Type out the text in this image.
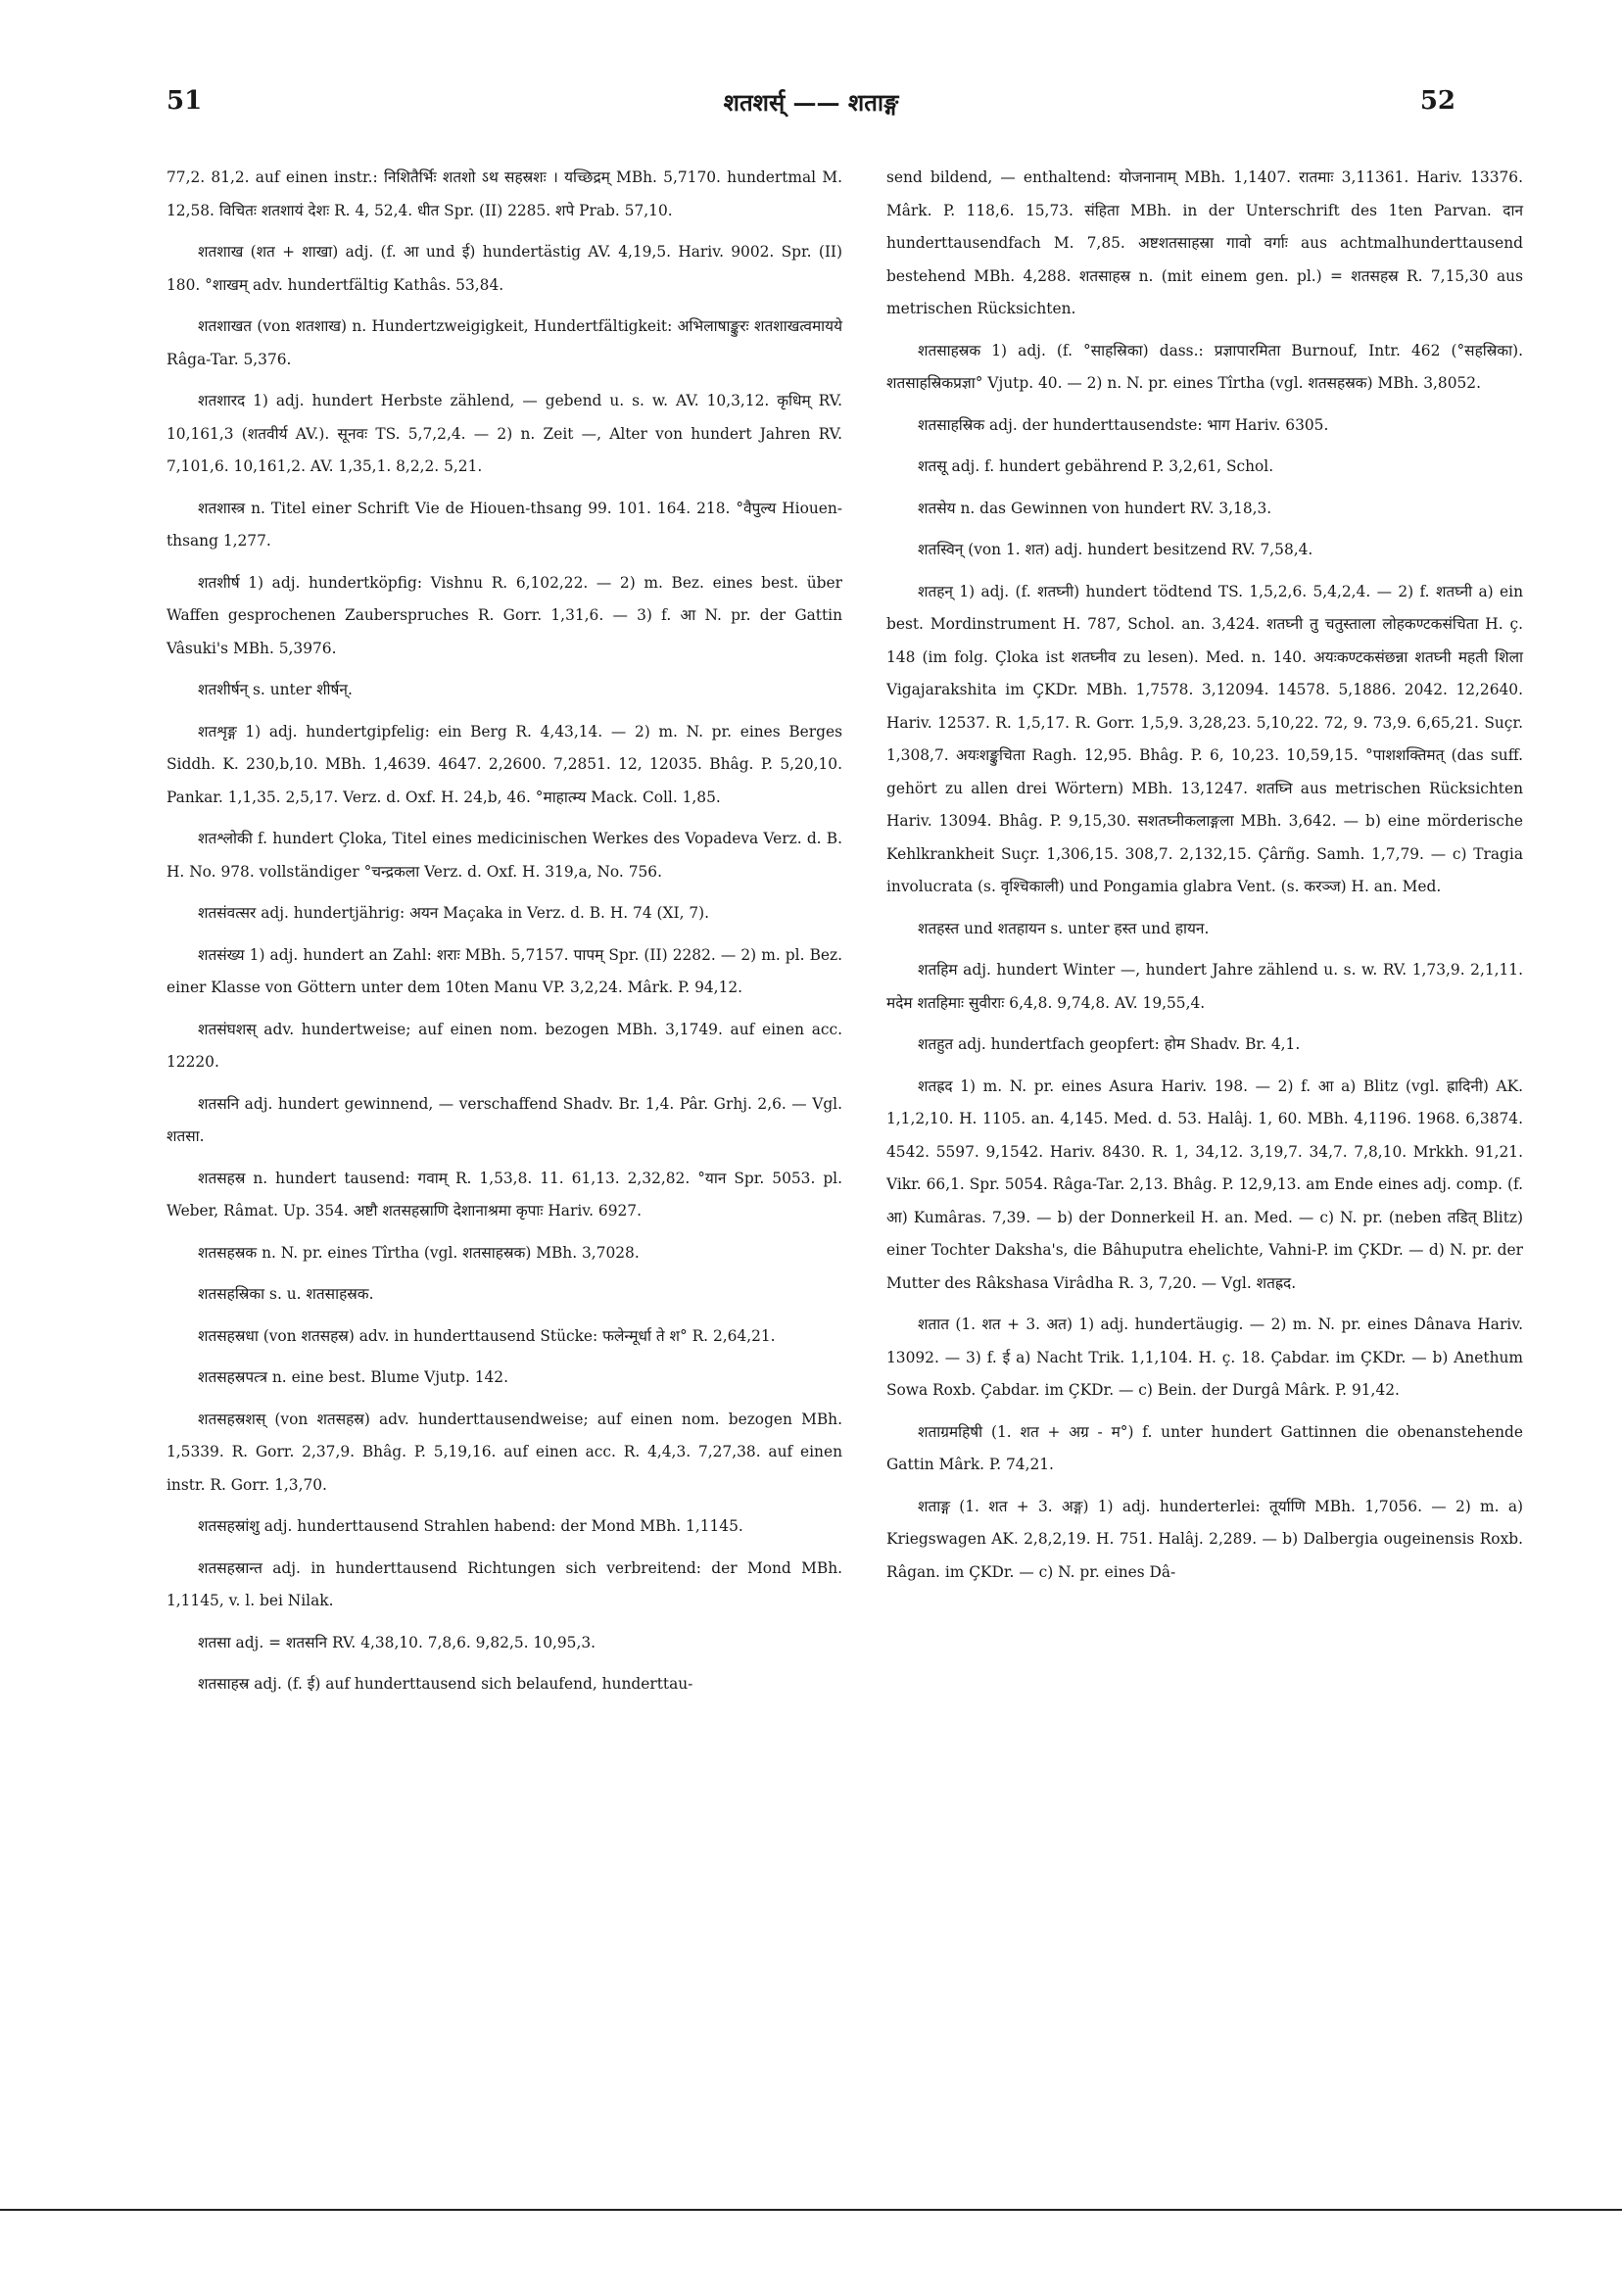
51	शतशर्स् —— शताङ्ग	52

77,2. 81,2. auf einen instr.: निशितैर्भिः शतशो ऽथ सहस्रशः । यच्छिद्रम् MBh. 5,7170. hundertmal M. 12,58. विचितः शतशायं देशः R. 4, 52,4. धीत Spr. (II) 2285. शपे Prab. 57,10.

शतशाख (शत + शाखा) adj. (f. आ und ई) hundertästig AV. 4,19,5. Hariv. 9002. Spr. (II) 180. °शाखम् adv. hundertfältig Kathâs. 53,84.

शतशाखत (von शतशाख) n. Hundertzweigigkeit, Hundertfältigkeit: अभिलाषाङ्कुरः शतशाखत्वमायये Râga-Tar. 5,376.

शतशारद 1) adj. hundert Herbste zählend, — gebend u. s. w. AV. 10,3,12. कृधिम् RV. 10,161,3 (शतवीर्य AV.). सूनवः TS. 5,7,2,4. — 2) n. Zeit —, Alter von hundert Jahren RV. 7,101,6. 10,161,2. AV. 1,35,1. 8,2,2. 5,21.

शतशास्त्र n. Titel einer Schrift Vie de Hiouen-thsang 99. 101. 164. 218. °वैपुल्य Hiouen-thsang 1,277.

शतशीर्ष 1) adj. hundertköpfig: Vishnu R. 6,102,22. — 2) m. Bez. eines best. über Waffen gesprochenen Zauberspruches R. Gorr. 1,31,6. — 3) f. आ N. pr. der Gattin Vâsuki's MBh. 5,3976.

शतशीर्षन् s. unter शीर्षन्.

शतशृङ्ग 1) adj. hundertgipfelig: ein Berg R. 4,43,14. — 2) m. N. pr. eines Berges Siddh. K. 230,b,10. MBh. 1,4639. 4647. 2,2600. 7,2851. 12, 12035. Bhâg. P. 5,20,10. Pankar. 1,1,35. 2,5,17. Verz. d. Oxf. H. 24,b, 46. °माहात्म्य Mack. Coll. 1,85.

शतश्लोकी f. hundert Çloka, Titel eines medicinischen Werkes des Vopadeva Verz. d. B. H. No. 978. vollständiger °चन्द्रकला Verz. d. Oxf. H. 319,a, No. 756.

शतसंवत्सर adj. hundertjährig: अयन Maçaka in Verz. d. B. H. 74 (XI, 7).

शतसंख्य 1) adj. hundert an Zahl: शराः MBh. 5,7157. पापम् Spr. (II) 2282. — 2) m. pl. Bez. einer Klasse von Göttern unter dem 10ten Manu VP. 3,2,24. Mârk. P. 94,12.

शतसंघशस् adv. hundertweise; auf einen nom. bezogen MBh. 3,1749. auf einen acc. 12220.

शतसनि adj. hundert gewinnend, — verschaffend Shadv. Br. 1,4. Pâr. Grhj. 2,6. — Vgl. शतसा.

शतसहस्र n. hundert tausend: गवाम् R. 1,53,8. 11. 61,13. 2,32,82. °यान Spr. 5053. pl. Weber, Râmat. Up. 354. अष्टौ शतसहस्राणि देशानाश्रमा कृपाः Hariv. 6927.

शतसहस्रक n. N. pr. eines Tîrtha (vgl. शतसाहस्रक) MBh. 3,7028.

शतसहस्रिका s. u. शतसाहस्रक.

शतसहस्रधा (von शतसहस्र) adv. in hunderttausend Stücke: फलेन्मूर्धा ते श° R. 2,64,21.

शतसहस्रपत्त्र n. eine best. Blume Vjutp. 142.

शतसहस्रशस् (von शतसहस्र) adv. hunderttausendweise; auf einen nom. bezogen MBh. 1,5339. R. Gorr. 2,37,9. Bhâg. P. 5,19,16. auf einen acc. R. 4,4,3. 7,27,38. auf einen instr. R. Gorr. 1,3,70.

शतसहस्रांशु adj. hunderttausend Strahlen habend: der Mond MBh. 1,1145.

शतसहस्रान्त adj. in hunderttausend Richtungen sich verbreitend: der Mond MBh. 1,1145, v. l. bei Nilak.

शतसा adj. = शतसनि RV. 4,38,10. 7,8,6. 9,82,5. 10,95,3.

शतसाहस्र adj. (f. ई) auf hunderttausend sich belaufend, hunderttau-

send bildend, — enthaltend: योजनानाम् MBh. 1,1407. रातमाः 3,11361. Hariv. 13376. Mârk. P. 118,6. 15,73. संहिता MBh. in der Unterschrift des 1ten Parvan. दान hunderttausendfach M. 7,85. अष्टशतसाहस्रा गावो वर्गाः aus achtmalhunderttausend bestehend MBh. 4,288. शतसाहस्र n. (mit einem gen. pl.) = शतसहस्र R. 7,15,30 aus metrischen Rücksichten.

शतसाहस्रक 1) adj. (f. °साहस्रिका) dass.: प्रज्ञापारमिता Burnouf, Intr. 462 (°सहस्रिका). शतसाहस्रिकप्रज्ञा° Vjutp. 40. — 2) n. N. pr. eines Tîrtha (vgl. शतसहस्रक) MBh. 3,8052.

शतसाहस्रिक adj. der hunderttausendste: भाग Hariv. 6305.

शतसू adj. f. hundert gebährend P. 3,2,61, Schol.

शतसेय n. das Gewinnen von hundert RV. 3,18,3.

शतस्विन् (von 1. शत) adj. hundert besitzend RV. 7,58,4.

शतहन् 1) adj. (f. शतघ्नी) hundert tödtend TS. 1,5,2,6. 5,4,2,4. — 2) f. शतघ्नी a) ein best. Mordinstrument H. 787, Schol. an. 3,424. शतघ्नी तु चतुस्ताला लोहकण्टकसंचिता H. ç. 148 (im folg. Çloka ist शतघ्नीव zu lesen). Med. n. 140. अयःकण्टकसंछन्ना शतघ्नी महती शिला Vigajarakshita im ÇKDr. MBh. 1,7578. 3,12094. 14578. 5,1886. 2042. 12,2640. Hariv. 12537. R. 1,5,17. R. Gorr. 1,5,9. 3,28,23. 5,10,22. 72, 9. 73,9. 6,65,21. Suçr. 1,308,7. अयःशङ्कुचिता Ragh. 12,95. Bhâg. P. 6, 10,23. 10,59,15. °पाशशक्तिमत् (das suff. gehört zu allen drei Wörtern) MBh. 13,1247. शतघ्नि aus metrischen Rücksichten Hariv. 13094. Bhâg. P. 9,15,30. सशतघ्नीकलाङ्गला MBh. 3,642. — b) eine mörderische Kehlkrankheit Suçr. 1,306,15. 308,7. 2,132,15. Çârñg. Samh. 1,7,79. — c) Tragia involucrata (s. वृश्चिकाली) und Pongamia glabra Vent. (s. करञ्ज) H. an. Med.

शतहस्त und शतहायन s. unter हस्त und हायन.

शतहिम adj. hundert Winter —, hundert Jahre zählend u. s. w. RV. 1,73,9. 2,1,11. मदेम शतहिमाः सुवीराः 6,4,8. 9,74,8. AV. 19,55,4.

शतहुत adj. hundertfach geopfert: होम Shadv. Br. 4,1.

शतह्रद 1) m. N. pr. eines Asura Hariv. 198. — 2) f. आ a) Blitz (vgl. ह्रादिनी) AK. 1,1,2,10. H. 1105. an. 4,145. Med. d. 53. Halâj. 1, 60. MBh. 4,1196. 1968. 6,3874. 4542. 5597. 9,1542. Hariv. 8430. R. 1, 34,12. 3,19,7. 34,7. 7,8,10. Mrkkh. 91,21. Vikr. 66,1. Spr. 5054. Râga-Tar. 2,13. Bhâg. P. 12,9,13. am Ende eines adj. comp. (f. आ) Kumâras. 7,39. — b) der Donnerkeil H. an. Med. — c) N. pr. (neben तडित् Blitz) einer Tochter Daksha's, die Bâhuputra ehelichte, Vahni-P. im ÇKDr. — d) N. pr. der Mutter des Râkshasa Virâdha R. 3, 7,20. — Vgl. शतह्रद.

शतात (1. शत + 3. अत) 1) adj. hundertäugig. — 2) m. N. pr. eines Dânava Hariv. 13092. — 3) f. ई a) Nacht Trik. 1,1,104. H. ç. 18. Çabdar. im ÇKDr. — b) Anethum Sowa Roxb. Çabdar. im ÇKDr. — c) Bein. der Durgâ Mârk. P. 91,42.

शताग्रमहिषी (1. शत + अग्र - म°) f. unter hundert Gattinnen die obenanstehende Gattin Mârk. P. 74,21.

शताङ्ग (1. शत + 3. अङ्ग) 1) adj. hunderterlei: तूर्याणि MBh. 1,7056. — 2) m. a) Kriegswagen AK. 2,8,2,19. H. 751. Halâj. 2,289. — b) Dalbergia ougeinensis Roxb. Râgan. im ÇKDr. — c) N. pr. eines Dâ-
